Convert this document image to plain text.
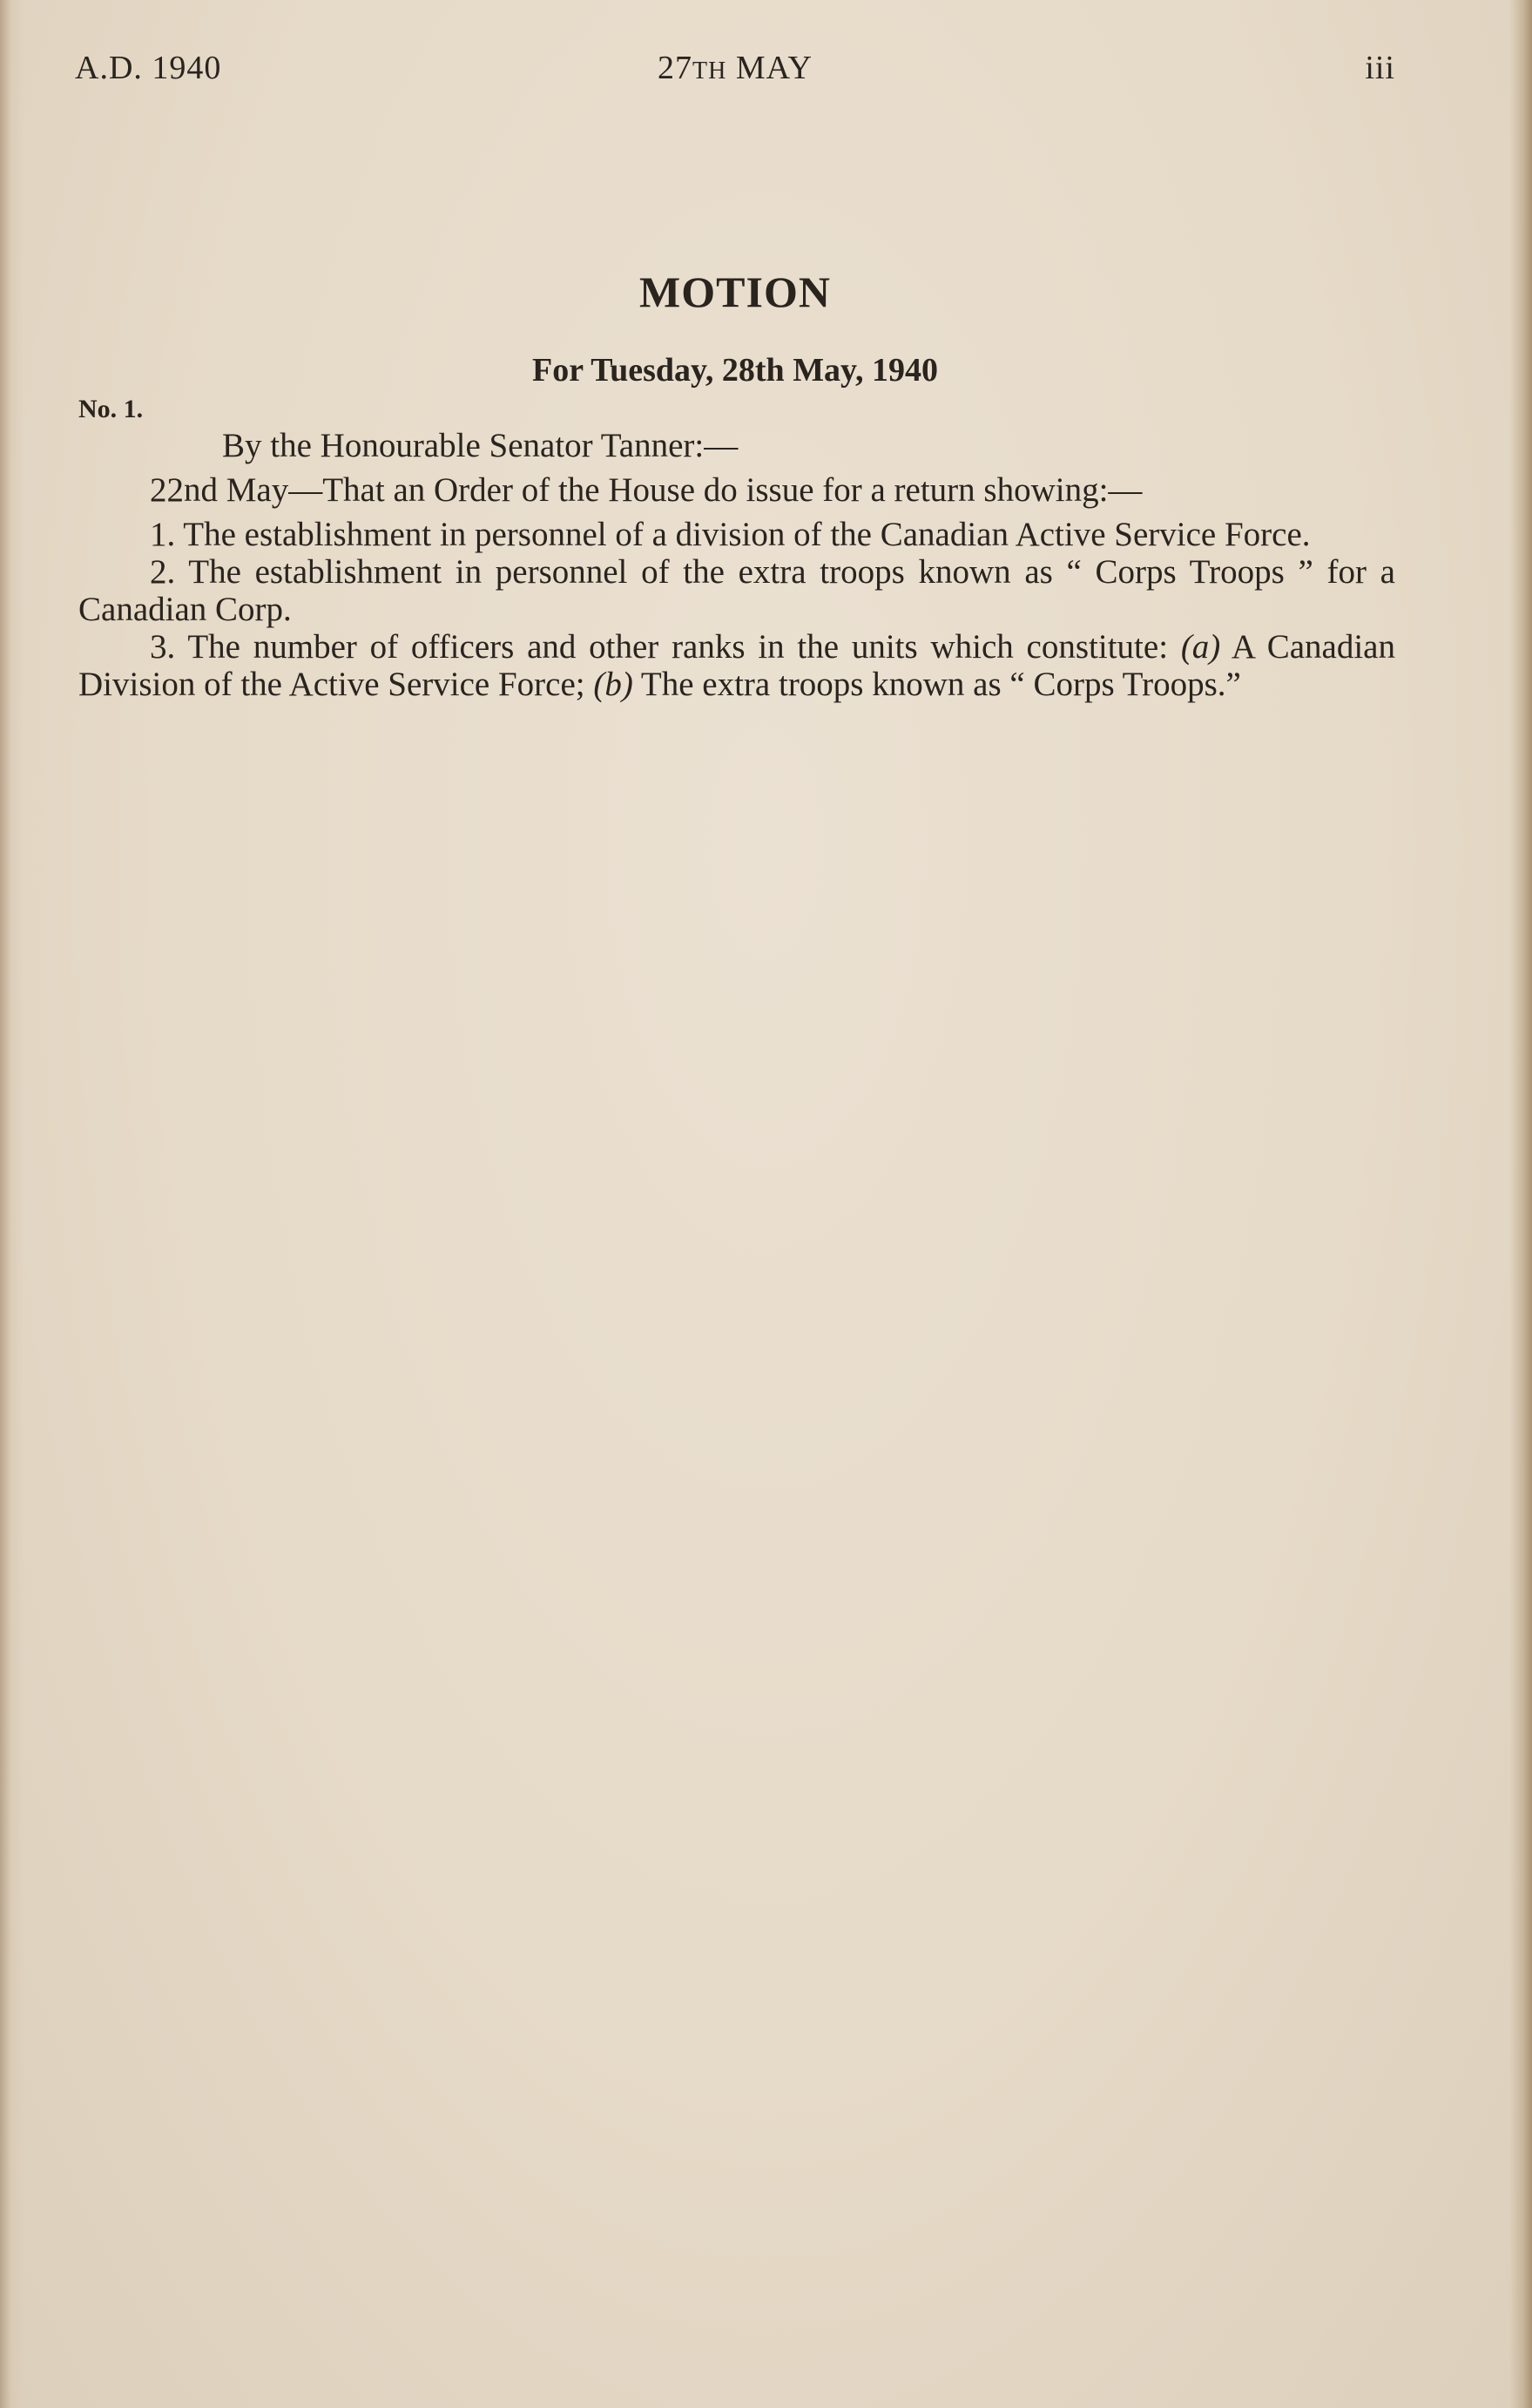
A.D. 1940	27TH MAY	iii
MOTION
For Tuesday, 28th May, 1940
No. 1.

By the Honourable Senator Tanner:—

22nd May—That an Order of the House do issue for a return showing:—

1. The establishment in personnel of a division of the Canadian Active Service Force.

2. The establishment in personnel of the extra troops known as “ Corps Troops ” for a Canadian Corp.

3. The number of officers and other ranks in the units which constitute: (a) A Canadian Division of the Active Service Force; (b) The extra troops known as “ Corps Troops.”
